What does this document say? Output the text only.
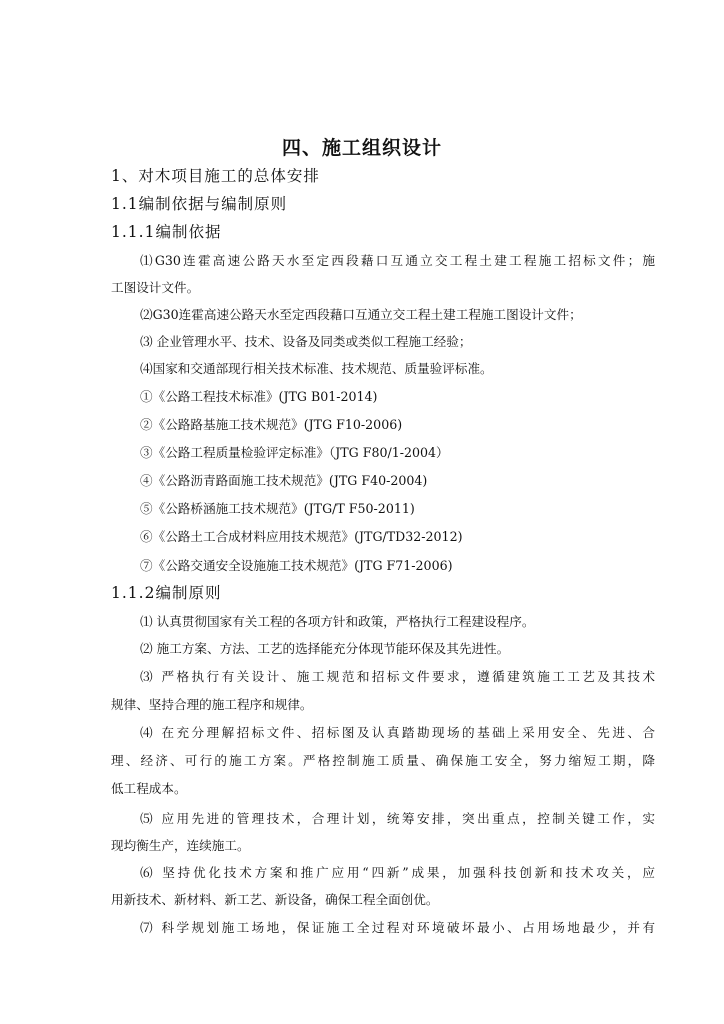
四、施工组织设计
1、对木项目施工的总体安排
1.1编制依据与编制原则
1.1.1编制依据
⑴G30连霍高速公路天水至定西段藉口互通立交工程土建工程施工招标文件；施
工图设计文件。
⑵G30连霍高速公路天水至定西段藉口互通立交工程土建工程施工图设计文件；
⑶ 企业管理水平、技术、设备及同类或类似工程施工经验；
⑷国家和交通部现行相关技术标准、技术规范、质量验评标准。
①《公路工程技术标准》(JTG B01-2014)
②《公路路基施工技术规范》(JTG F10-2006)
③《公路工程质量检验评定标准》（JTG F80/1-2004）
④《公路沥青路面施工技术规范》(JTG F40-2004)
⑤《公路桥涵施工技术规范》(JTG/T F50-2011)
⑥《公路土工合成材料应用技术规范》(JTG/TD32-2012)
⑦《公路交通安全设施施工技术规范》(JTG F71-2006)
1.1.2编制原则
⑴ 认真贯彻国家有关工程的各项方针和政策，严格执行工程建设程序。
⑵ 施工方案、方法、工艺的选择能充分体现节能环保及其先进性。
⑶ 严格执行有关设计、施工规范和招标文件要求，遵循建筑施工工艺及其技术
规律、坚持合理的施工程序和规律。
⑷ 在充分理解招标文件、招标图及认真踏勘现场的基础上采用安全、先进、合
理、经济、可行的施工方案。严格控制施工质量、确保施工安全，努力缩短工期，降
低工程成本。
⑸ 应用先进的管理技术，合理计划，统筹安排，突出重点，控制关键工作，实
现均衡生产，连续施工。
⑹ 坚持优化技术方案和推广应用“四新”成果，加强科技创新和技术攻关，应
用新技术、新材料、新工艺、新设备，确保工程全面创优。
⑺ 科学规划施工场地，保证施工全过程对环境破坏最小、占用场地最少，并有
